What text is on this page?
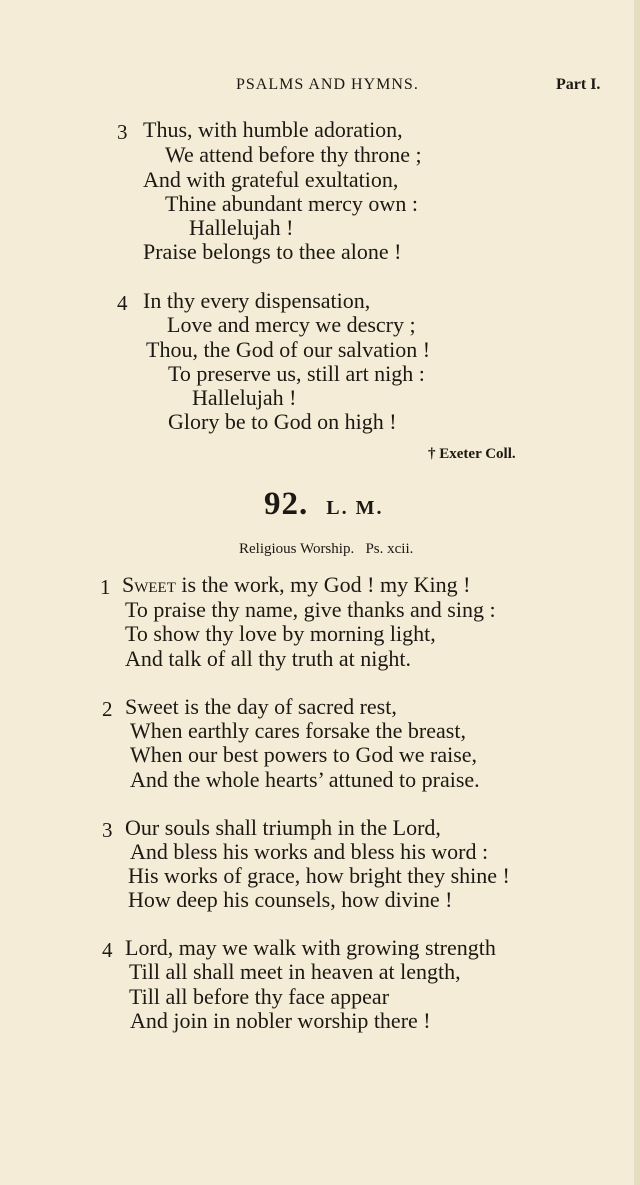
PSALMS AND HYMNS.	Part I.
3 Thus, with humble adoration,
We attend before thy throne ;
And with grateful exultation,
Thine abundant mercy own :
Hallelujah !
Praise belongs to thee alone !
4 In thy every dispensation,
Love and mercy we descry ;
Thou, the God of our salvation !
To preserve us, still art nigh :
Hallelujah !
Glory be to God on high !
† Exeter Coll.
92. L. M.
Religious Worship.   Ps. xcii.
1 Sweet is the work, my God ! my King !
To praise thy name, give thanks and sing :
To show thy love by morning light,
And talk of all thy truth at night.
2 Sweet is the day of sacred rest,
When earthly cares forsake the breast,
When our best powers to God we raise,
And the whole hearts’ attuned to praise.
3 Our souls shall triumph in the Lord,
And bless his works and bless his word :
His works of grace, how bright they shine !
How deep his counsels, how divine !
4 Lord, may we walk with growing strength
Till all shall meet in heaven at length,
Till all before thy face appear
And join in nobler worship there !
